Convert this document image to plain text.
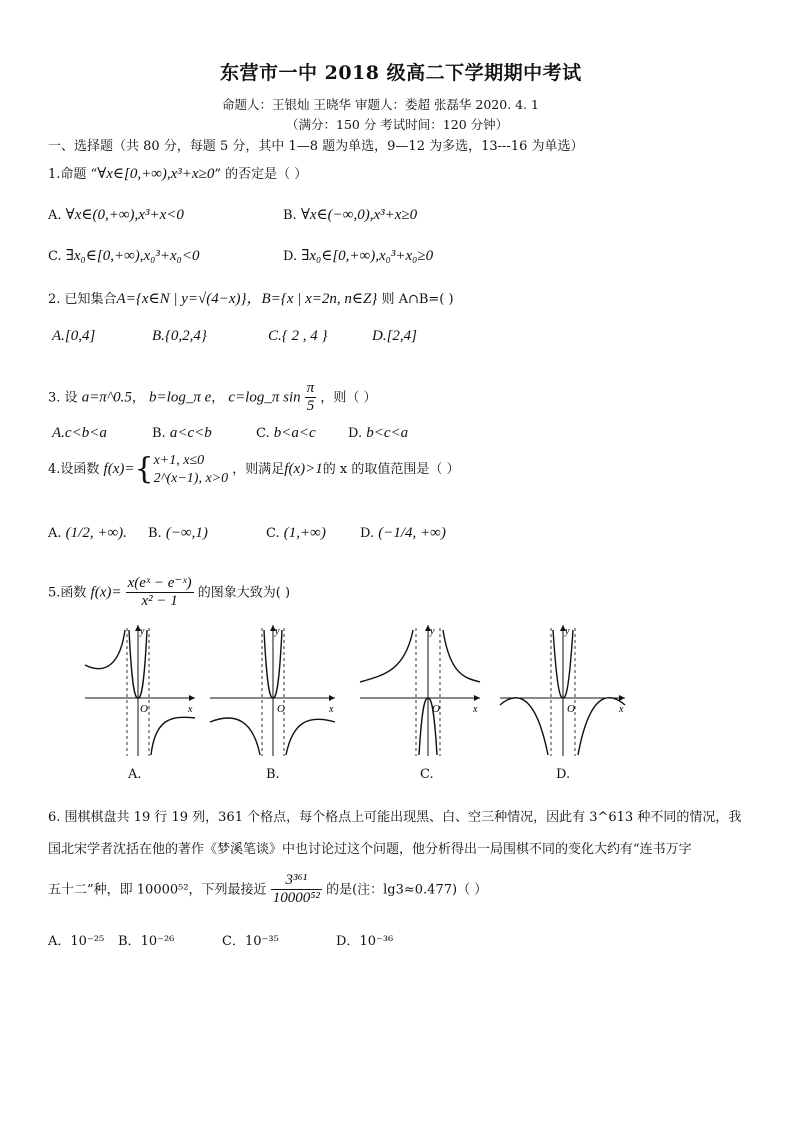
东营市一中 2018 级高二下学期期中考试
命题人：王银灿 王晓华 审题人：娄超 张磊华 2020. 4. 1
（满分：150 分 考试时间：120 分钟）
一、选择题（共 80 分，每题 5 分，其中 1—8 题为单选，9—12 为多选，13---16 为单选）
1.命题 “∀x∈[0,+∞),x³+x≥0” 的否定是（ ）
A. ∀x∈(0,+∞),x³+x<0	B. ∀x∈(−∞,0),x³+x≥0
C. ∃x₀∈[0,+∞),x₀³+x₀<0	D. ∃x₀∈[0,+∞),x₀³+x₀≥0
2. 已知集合A={x∈N | y=√(4−x)}，B={x | x=2n, n∈Z} 则 A∩B=( )
A.[0,4]	B.{0,2,4}	C.{ 2 , 4 }	D.[2,4]
3. 设 a=π^0.5， b=log_π e， c=log_π $\sin \frac{\pi}{5}$ ，则（ ）
A.c<b<a	B. a<c<b	C. b<a<c D. b<c<a
4.设函数 f(x)={ x+1, x≤0
2^(x−1), x>0
，则满足f(x)>1的 x 的取值范围是（ ）
A. (1/2, +∞). B. (−∞,1)	C. (1,+∞)	D. (−1/4, +∞)
5.函数 $f(x)= \frac{\text{x(eˣ − e⁻ˣ)}}{\text{x² − 1}}$ 的图象大致为( )
y
x
O
y
x
O
y
x
O
y
x
O
A.	B.	C.	D.
6. 围棋棋盘共 19 行 19 列，361 个格点，每个格点上可能出现黑、白、空三种情况，因此有 3^613 种不同的情况，我
国北宋学者沈括在他的著作《梦溪笔谈》中也讨论过这个问题，他分析得出一局围棋不同的变化大约有“连书万字
五十二”种，即 10000⁵²，下列最接近 $\frac{\text{3³⁶¹}}{\text{10000⁵²}}$ 的是(注：lg3≈0.477)（ ）
A．10⁻²⁵ B．10⁻²⁶	C．10⁻³⁵	D．10⁻³⁶
